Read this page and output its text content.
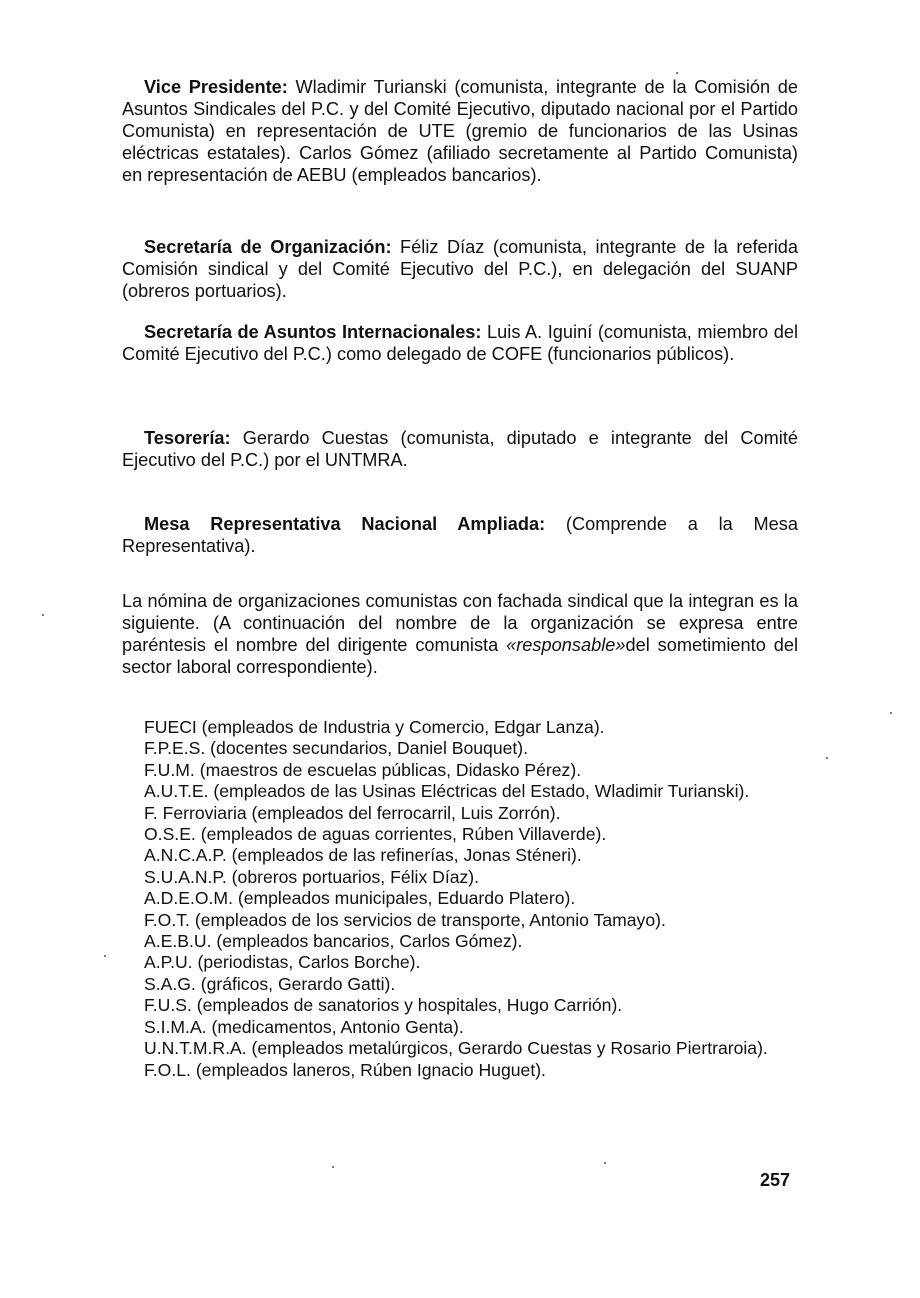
Vice Presidente: Wladimir Turianski (comunista, integrante de la Comisión de Asuntos Sindicales del P.C. y del Comité Ejecutivo, diputado nacional por el Partido Comunista) en representación de UTE (gremio de funcionarios de las Usinas eléctricas estatales). Carlos Gómez (afiliado secretamente al Partido Comunista) en representación de AEBU (empleados bancarios).

Secretaría de Organización: Féliz Díaz (comunista, integrante de la referida Comisión sindical y del Comité Ejecutivo del P.C.), en delegación del SUANP (obreros portuarios).

Secretaría de Asuntos Internacionales: Luis A. Iguiní (comunista, miembro del Comité Ejecutivo del P.C.) como delegado de COFE (funcionarios públicos).

Tesorería: Gerardo Cuestas (comunista, diputado e integrante del Comité Ejecutivo del P.C.) por el UNTMRA.

Mesa Representativa Nacional Ampliada: (Comprende a la Mesa Representativa).

La nómina de organizaciones comunistas con fachada sindical que la integran es la siguiente. (A continuación del nombre de la organización se expresa entre paréntesis el nombre del dirigente comunista «responsable»del sometimiento del sector laboral correspondiente).

FUECI (empleados de Industria y Comercio, Edgar Lanza).
F.P.E.S. (docentes secundarios, Daniel Bouquet).
F.U.M. (maestros de escuelas públicas, Didasko Pérez).
A.U.T.E. (empleados de las Usinas Eléctricas del Estado, Wladimir Turianski).
F. Ferroviaria (empleados del ferrocarril, Luis Zorrón).
O.S.E. (empleados de aguas corrientes, Rúben Villaverde).
A.N.C.A.P. (empleados de las refinerías, Jonas Sténeri).
S.U.A.N.P. (obreros portuarios, Félix Díaz).
A.D.E.O.M. (empleados municipales, Eduardo Platero).
F.O.T. (empleados de los servicios de transporte, Antonio Tamayo).
A.E.B.U. (empleados bancarios, Carlos Gómez).
A.P.U. (periodistas, Carlos Borche).
S.A.G. (gráficos, Gerardo Gatti).
F.U.S. (empleados de sanatorios y hospitales, Hugo Carrión).
S.I.M.A. (medicamentos, Antonio Genta).
U.N.T.M.R.A. (empleados metalúrgicos, Gerardo Cuestas y Rosario Piertraroia).
F.O.L. (empleados laneros, Rúben Ignacio Huguet).
257
